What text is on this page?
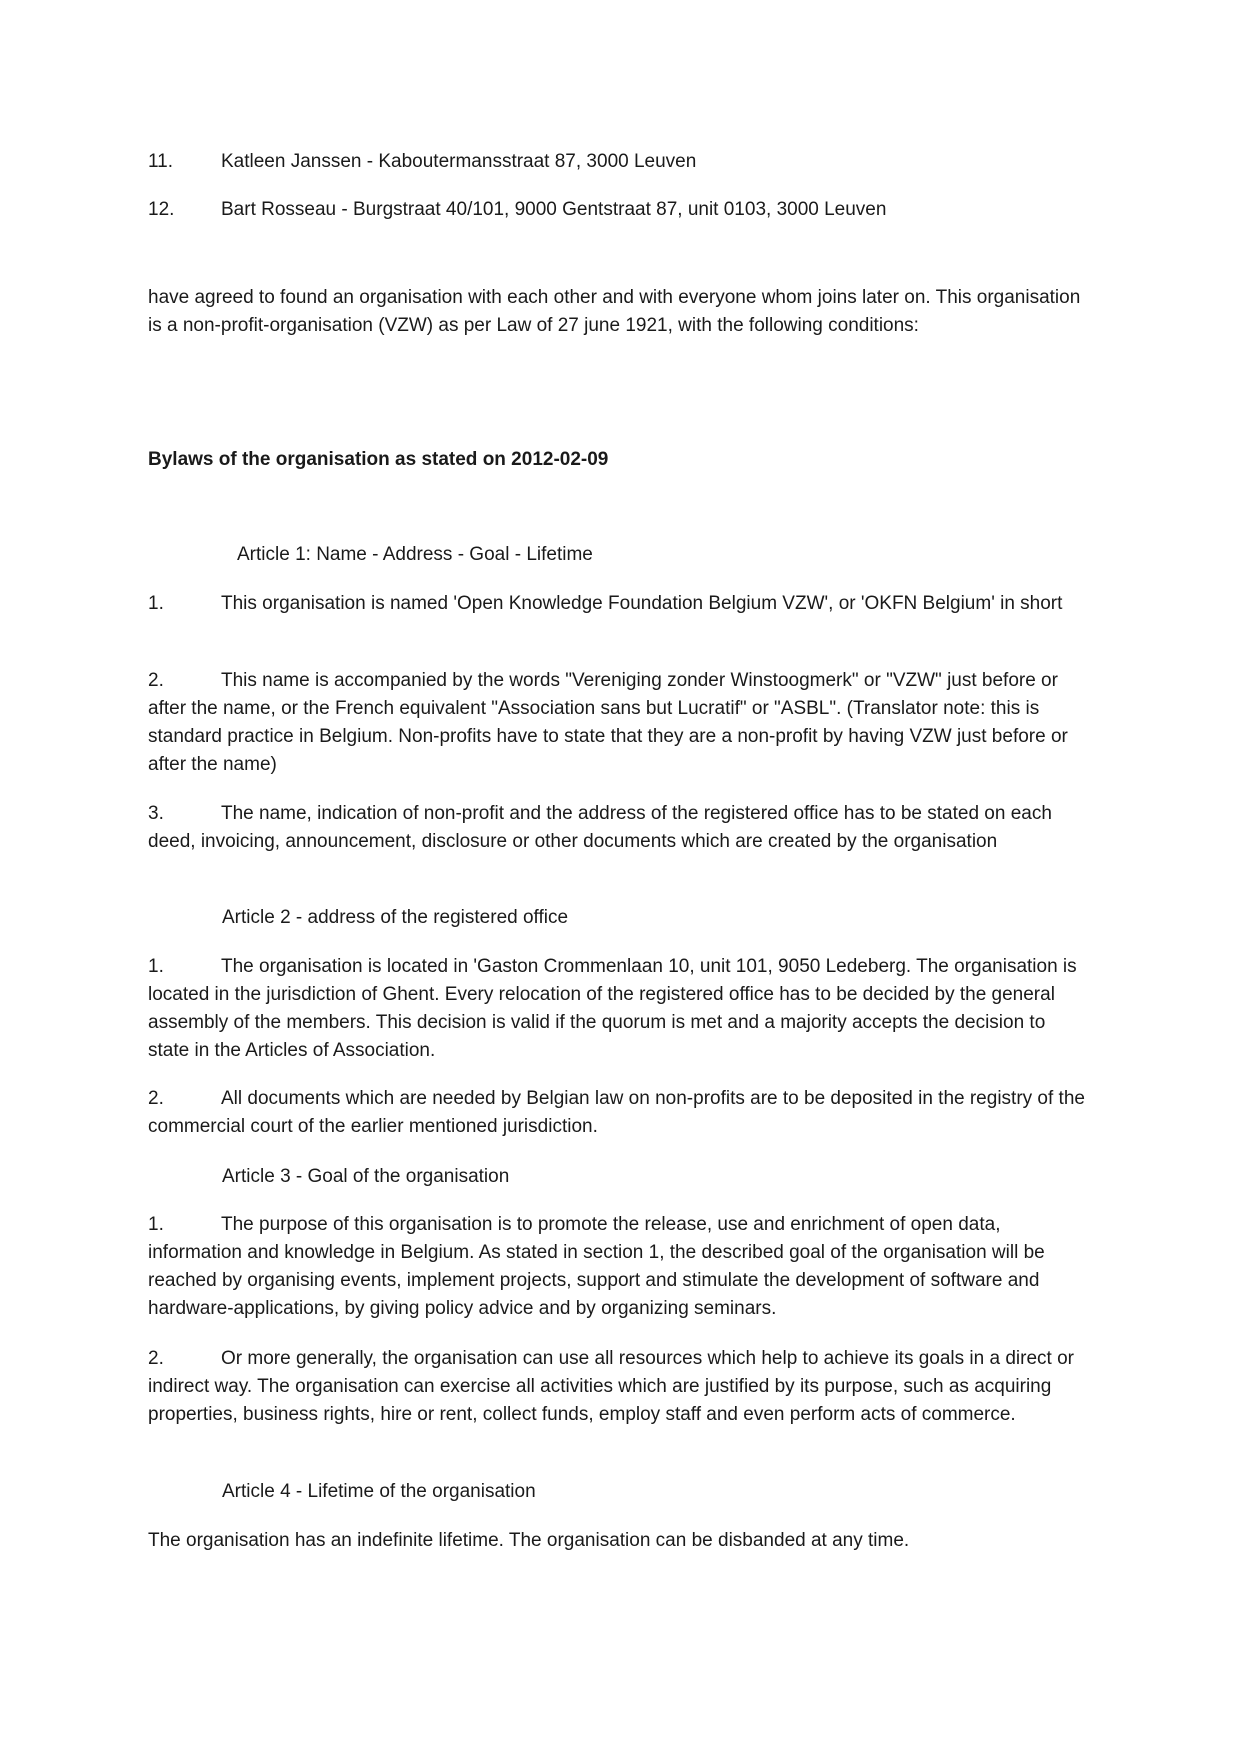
11.	Katleen Janssen - Kaboutermansstraat 87, 3000 Leuven

12. Bart Rosseau - Burgstraat 40/101, 9000 Gentstraat 87, unit 0103, 3000 Leuven

have agreed to found an organisation with each other and with everyone whom joins later on. This organisation is a non-profit-organisation (VZW) as per Law of 27 june 1921, with the following conditions:

Bylaws of the organisation as stated on 2012-02-09

Article 1: Name - Address - Goal - Lifetime

1.	This organisation is named 'Open Knowledge Foundation Belgium VZW', or 'OKFN Belgium' in short

2.	This name is accompanied by the words "Vereniging zonder Winstoogmerk" or "VZW" just before or after the name, or the French equivalent "Association sans but Lucratif" or "ASBL". (Translator note: this is standard practice in Belgium. Non-profits have to state that they are a non-profit by having VZW just before or after the name)

3.	The name, indication of non-profit and the address of the registered office has to be stated on each deed, invoicing, announcement, disclosure or other documents which are created by the organisation

Article 2 - address of the registered office

1.	The organisation is located in 'Gaston Crommenlaan 10, unit 101, 9050 Ledeberg. The organisation is located in the jurisdiction of Ghent. Every relocation of the registered office has to be decided by the general assembly of the members. This decision is valid if the quorum is met and a majority accepts the decision to state in the Articles of Association.

2.	All documents which are needed by Belgian law on non-profits are to be deposited in the registry of the commercial court of the earlier mentioned jurisdiction.

Article 3 - Goal of the organisation

1.	The purpose of this organisation is to promote the release, use and enrichment of open data, information and knowledge in Belgium. As stated in section 1, the described goal of the organisation will be reached by organising events, implement projects, support and stimulate the development of software and hardware-applications, by giving policy advice and by organizing seminars.

2.	Or more generally, the organisation can use all resources which help to achieve its goals in a direct or indirect way. The organisation can exercise all activities which are justified by its purpose, such as acquiring properties, business rights, hire or rent, collect funds, employ staff and even perform acts of commerce.

Article 4 - Lifetime of the organisation

The organisation has an indefinite lifetime. The organisation can be disbanded at any time.
